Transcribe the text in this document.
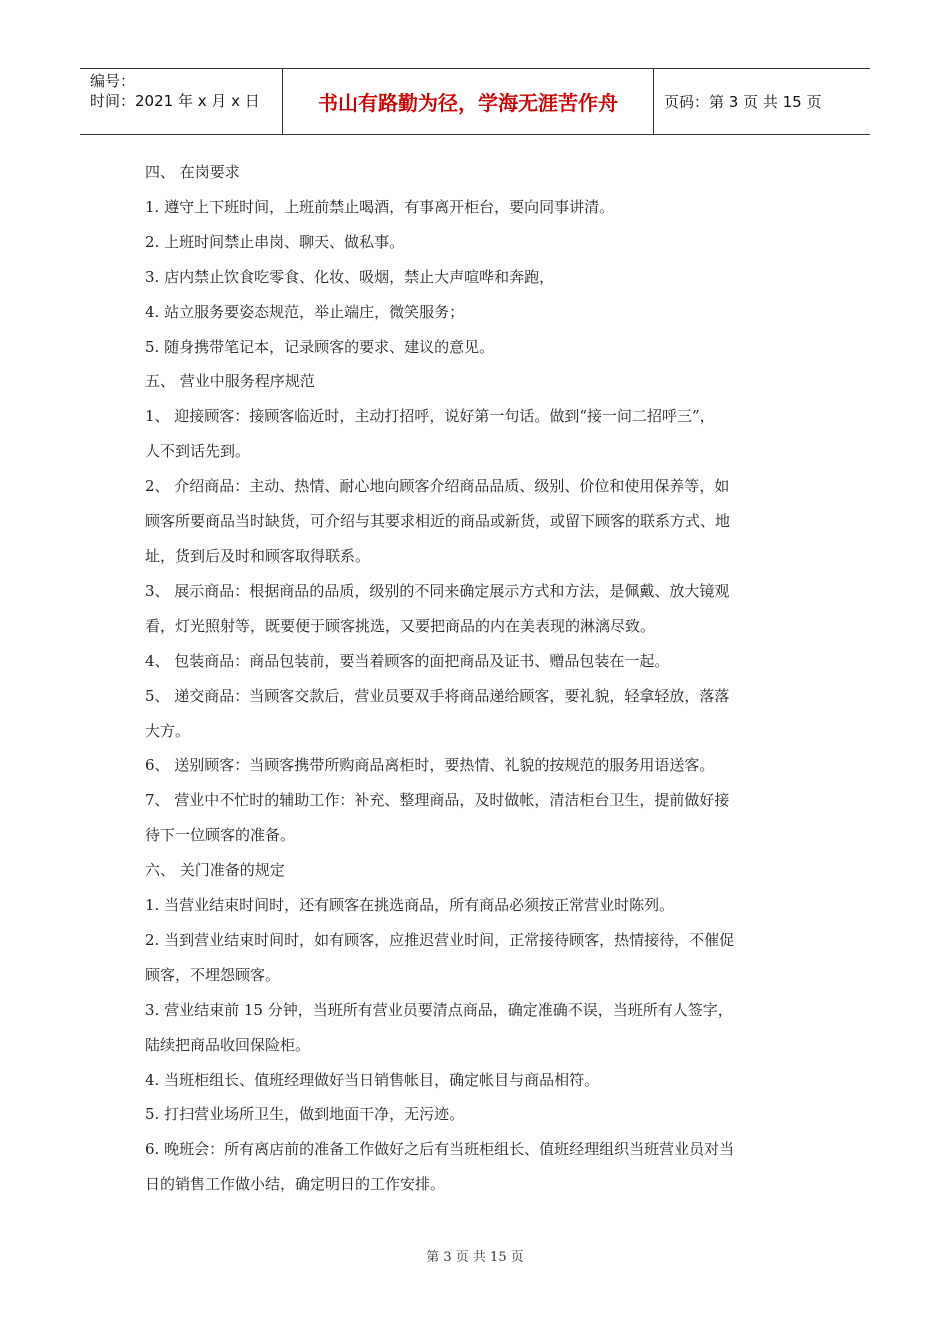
编号：
时间：2021 年 x 月 x 日	书山有路勤为径，学海无涯苦作舟	页码：第 3 页 共 15 页
四、 在岗要求
1. 遵守上下班时间，上班前禁止喝酒，有事离开柜台，要向同事讲清。
2. 上班时间禁止串岗、聊天、做私事。
3. 店内禁止饮食吃零食、化妆、吸烟，禁止大声喧哗和奔跑，
4. 站立服务要姿态规范，举止端庄，微笑服务；
5. 随身携带笔记本，记录顾客的要求、建议的意见。
五、 营业中服务程序规范
1、 迎接顾客：接顾客临近时，主动打招呼，说好第一句话。做到“接一问二招呼三”，
人不到话先到。
2、 介绍商品：主动、热情、耐心地向顾客介绍商品品质、级别、价位和使用保养等，如
顾客所要商品当时缺货，可介绍与其要求相近的商品或新货，或留下顾客的联系方式、地
址，货到后及时和顾客取得联系。
3、 展示商品：根据商品的品质，级别的不同来确定展示方式和方法，是佩戴、放大镜观
看，灯光照射等，既要便于顾客挑选，又要把商品的内在美表现的淋漓尽致。
4、 包装商品：商品包装前，要当着顾客的面把商品及证书、赠品包装在一起。
5、 递交商品：当顾客交款后，营业员要双手将商品递给顾客，要礼貌，轻拿轻放，落落
大方。
6、 送别顾客：当顾客携带所购商品离柜时，要热情、礼貌的按规范的服务用语送客。
7、 营业中不忙时的辅助工作：补充、整理商品，及时做帐，清洁柜台卫生，提前做好接
待下一位顾客的准备。
六、 关门准备的规定
1. 当营业结束时间时，还有顾客在挑选商品，所有商品必须按正常营业时陈列。
2. 当到营业结束时间时，如有顾客，应推迟营业时间，正常接待顾客，热情接待，不催促
顾客，不埋怨顾客。
3. 营业结束前 15 分钟，当班所有营业员要清点商品，确定准确不误，当班所有人签字，
陆续把商品收回保险柜。
4. 当班柜组长、值班经理做好当日销售帐目，确定帐目与商品相符。
5. 打扫营业场所卫生，做到地面干净，无污迹。
6. 晚班会：所有离店前的准备工作做好之后有当班柜组长、值班经理组织当班营业员对当
日的销售工作做小结，确定明日的工作安排。
第 3 页 共 15 页
